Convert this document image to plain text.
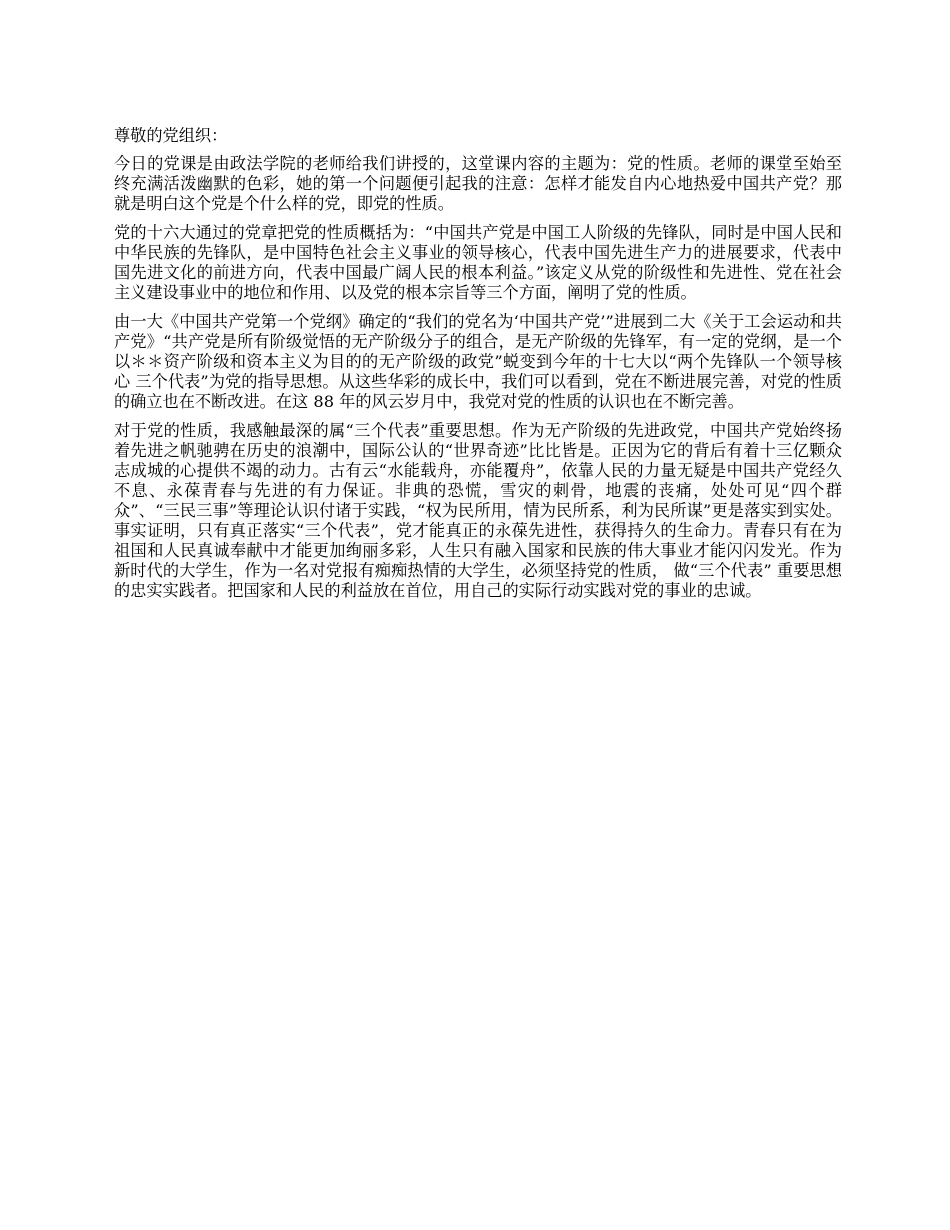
尊敬的党组织：

今日的党课是由政法学院的老师给我们讲授的，这堂课内容的主题为：党的性质。老师的课堂至始至终充满活泼幽默的色彩，她的第一个问题便引起我的注意：怎样才能发自内心地热爱中国共产党？那就是明白这个党是个什么样的党，即党的性质。

党的十六大通过的党章把党的性质概括为：“中国共产党是中国工人阶级的先锋队，同时是中国人民和中华民族的先锋队，是中国特色社会主义事业的领导核心，代表中国先进生产力的进展要求，代表中国先进文化的前进方向，代表中国最广阔人民的根本利益。”该定义从党的阶级性和先进性、党在社会主义建设事业中的地位和作用、以及党的根本宗旨等三个方面，阐明了党的性质。

由一大《中国共产党第一个党纲》确定的“我们的党名为‘中国共产党’”进展到二大《关于工会运动和共产党》“共产党是所有阶级觉悟的无产阶级分子的组合，是无产阶级的先锋军，有一定的党纲，是一个以＊＊资产阶级和资本主义为目的的无产阶级的政党”蜕变到今年的十七大以“两个先锋队一个领导核心 三个代表”为党的指导思想。从这些华彩的成长中，我们可以看到，党在不断进展完善，对党的性质的确立也在不断改进。在这 88 年的风云岁月中，我党对党的性质的认识也在不断完善。

对于党的性质，我感触最深的属“三个代表”重要思想。作为无产阶级的先进政党，中国共产党始终扬着先进之帆驰骋在历史的浪潮中，国际公认的“世界奇迹”比比皆是。正因为它的背后有着十三亿颗众志成城的心提供不竭的动力。古有云“水能载舟，亦能覆舟”，依靠人民的力量无疑是中国共产党经久不息、永葆青春与先进的有力保证。非典的恐慌，雪灾的刺骨，地震的丧痛，处处可见“四个群众”、“三民三事”等理论认识付诸于实践，“权为民所用，情为民所系，利为民所谋”更是落实到实处。事实证明，只有真正落实“三个代表”，党才能真正的永葆先进性，获得持久的生命力。青春只有在为祖国和人民真诚奉献中才能更加绚丽多彩，人生只有融入国家和民族的伟大事业才能闪闪发光。作为新时代的大学生，作为一名对党报有痴痴热情的大学生，必须坚持党的性质， 做“三个代表” 重要思想的忠实实践者。把国家和人民的利益放在首位，用自己的实际行动实践对党的事业的忠诚。
